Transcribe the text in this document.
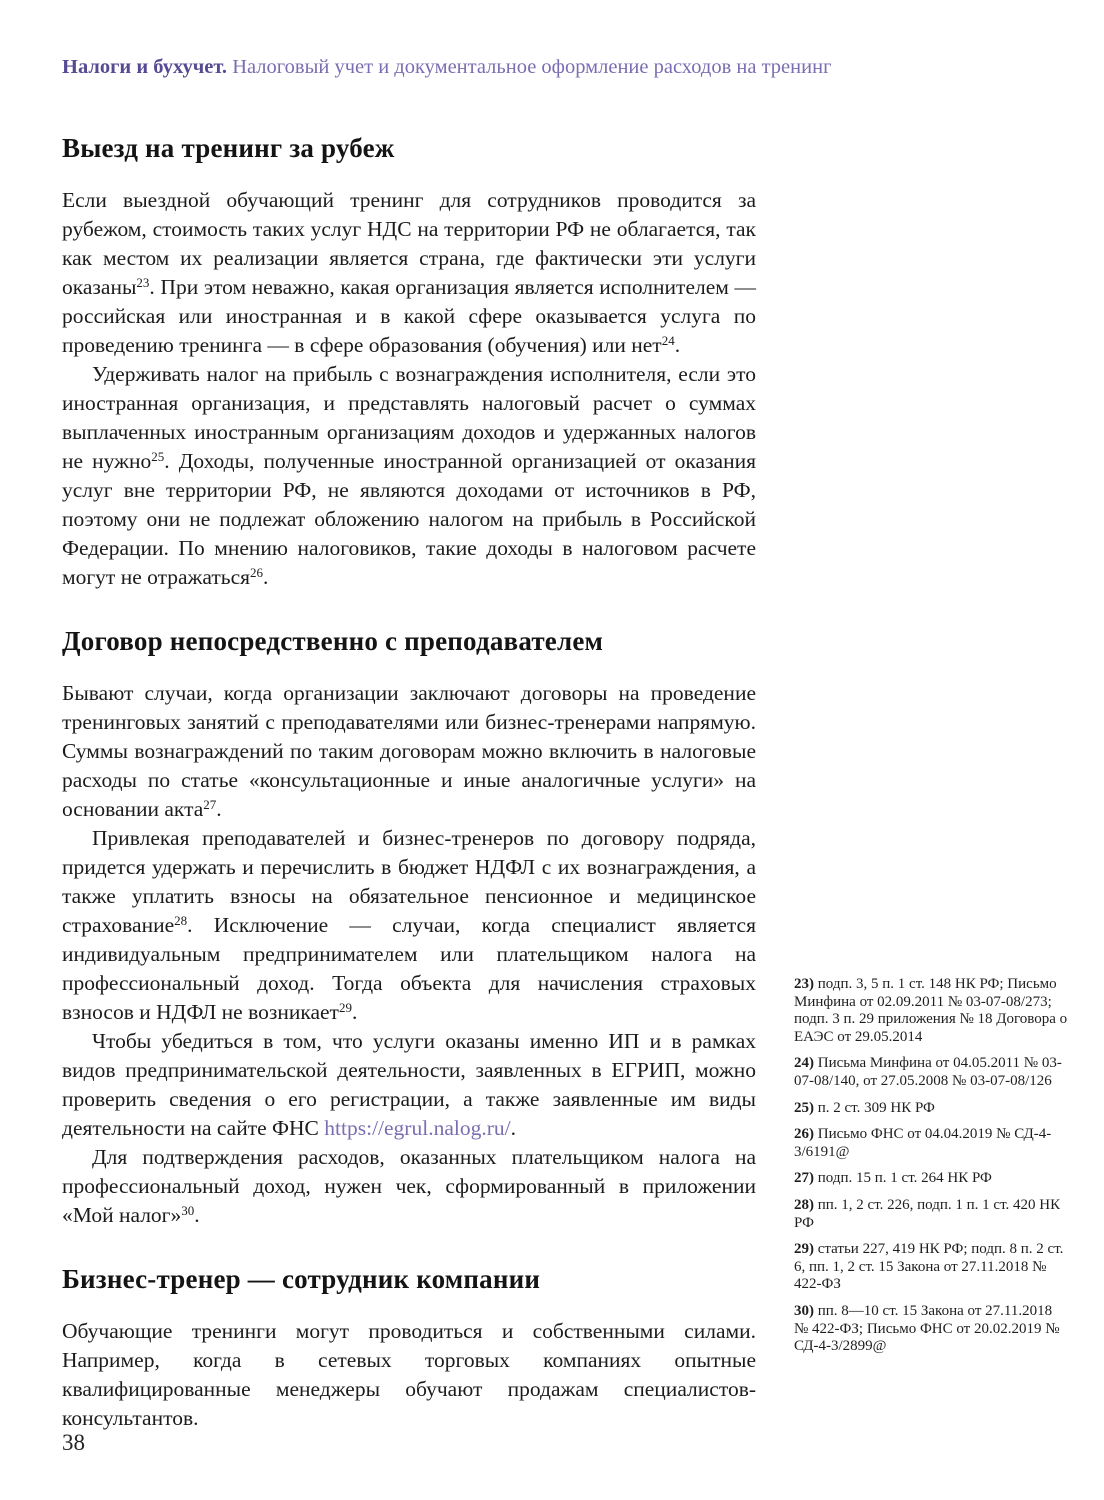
Налоги и бухучет. Налоговый учет и документальное оформление расходов на тренинг
Выезд на тренинг за рубеж

Если выездной обучающий тренинг для сотрудников проводится за рубежом, стоимость таких услуг НДС на территории РФ не облагается, так как местом их реализации является страна, где фактически эти услуги оказаны$^{23}$. При этом неважно, какая организация является исполнителем — российская или иностранная и в какой сфере оказывается услуга по проведению тренинга — в сфере образования (обучения) или нет$^{24}$.

Удерживать налог на прибыль с вознаграждения исполнителя, если это иностранная организация, и представлять налоговый расчет о суммах выплаченных иностранным организациям доходов и удержанных налогов не нужно$^{25}$. Доходы, полученные иностранной организацией от оказания услуг вне территории РФ, не являются доходами от источников в РФ, поэтому они не подлежат обложению налогом на прибыль в Российской Федерации. По мнению налоговиков, такие доходы в налоговом расчете могут не отражаться$^{26}$.

Договор непосредственно с преподавателем

Бывают случаи, когда организации заключают договоры на проведение тренинговых занятий с преподавателями или бизнес-тренерами напрямую. Суммы вознаграждений по таким договорам можно включить в налоговые расходы по статье «консультационные и иные аналогичные услуги» на основании акта$^{27}$.

Привлекая преподавателей и бизнес-тренеров по договору подряда, придется удержать и перечислить в бюджет НДФЛ с их вознаграждения, а также уплатить взносы на обязательное пенсионное и медицинское страхование$^{28}$. Исключение — случаи, когда специалист является индивидуальным предпринимателем или плательщиком налога на профессиональный доход. Тогда объекта для начисления страховых взносов и НДФЛ не возникает$^{29}$.

Чтобы убедиться в том, что услуги оказаны именно ИП и в рамках видов предпринимательской деятельности, заявленных в ЕГРИП, можно проверить сведения о его регистрации, а также заявленные им виды деятельности на сайте ФНС https://egrul.nalog.ru/.

Для подтверждения расходов, оказанных плательщиком налога на профессиональный доход, нужен чек, сформированный в приложении «Мой налог»$^{30}$.

Бизнес-тренер — сотрудник компании

Обучающие тренинги могут проводиться и собственными силами. Например, когда в сетевых торговых компаниях опытные квалифицированные менеджеры обучают продажам специалистов-консультантов.

23) подп. 3, 5 п. 1 ст. 148 НК РФ; Письмо Минфина от 02.09.2011 № 03-07-08/273; подп. 3 п. 29 приложения № 18 Договора о ЕАЭС от 29.05.2014
24) Письма Минфина от 04.05.2011 № 03-07-08/140, от 27.05.2008 № 03-07-08/126
25) п. 2 ст. 309 НК РФ
26) Письмо ФНС от 04.04.2019 № СД-4-3/6191@
27) подп. 15 п. 1 ст. 264 НК РФ
28) пп. 1, 2 ст. 226, подп. 1 п. 1 ст. 420 НК РФ
29) статьи 227, 419 НК РФ; подп. 8 п. 2 ст. 6, пп. 1, 2 ст. 15 Закона от 27.11.2018 № 422-ФЗ
30) пп. 8—10 ст. 15 Закона от 27.11.2018 № 422-ФЗ; Письмо ФНС от 20.02.2019 № СД-4-3/2899@
38
